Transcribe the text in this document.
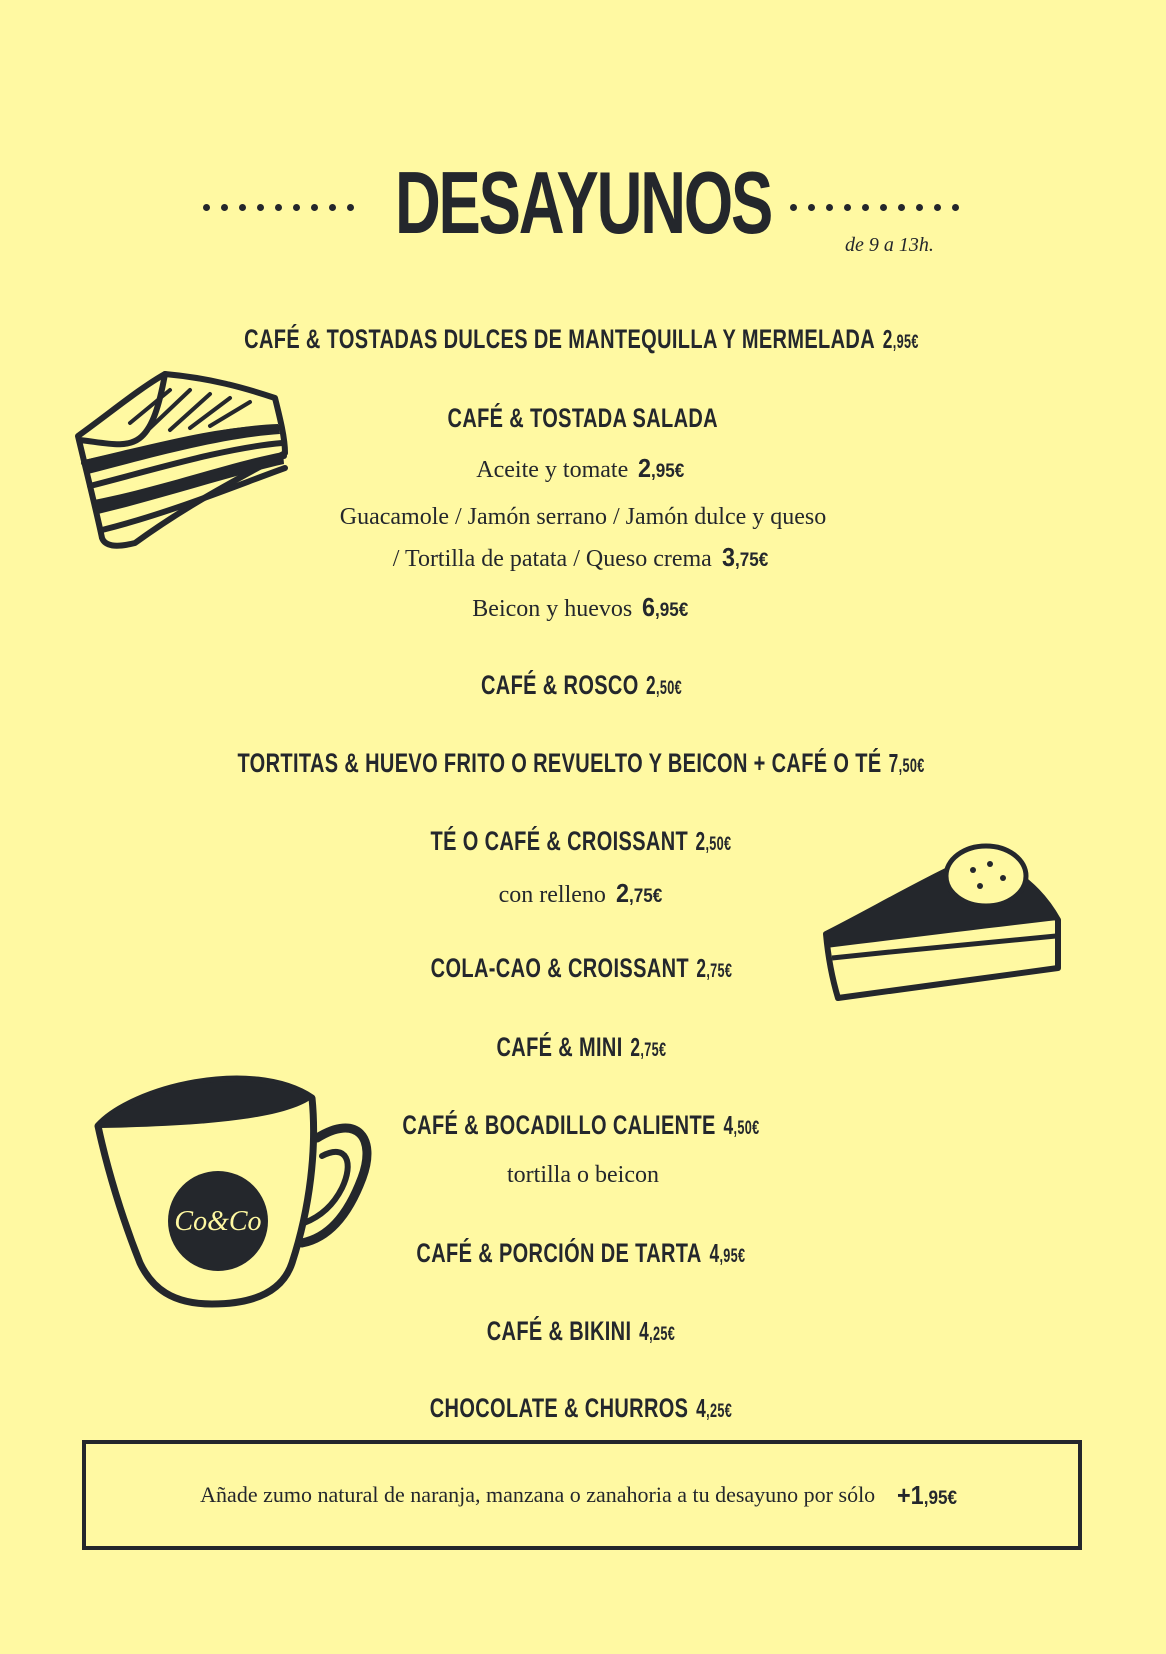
DESAYUNOS	de 9 a 13h.
Co&Co
CAFÉ & TOSTADAS DULCES DE MANTEQUILLA Y MERMELADA 2,95€
CAFÉ & TOSTADA SALADA
Aceite y tomate 2,95€
Guacamole / Jamón serrano / Jamón dulce y queso
/ Tortilla de patata / Queso crema 3,75€
Beicon y huevos 6,95€
CAFÉ & ROSCO 2,50€
TORTITAS & HUEVO FRITO O REVUELTO Y BEICON + CAFÉ O TÉ 7,50€
TÉ O CAFÉ & CROISSANT 2,50€
con relleno 2,75€
COLA-CAO & CROISSANT 2,75€
CAFÉ & MINI 2,75€
CAFÉ & BOCADILLO CALIENTE 4,50€
tortilla o beicon
CAFÉ & PORCIÓN DE TARTA 4,95€
CAFÉ & BIKINI 4,25€
CHOCOLATE & CHURROS 4,25€
Añade zumo natural de naranja, manzana o zanahoria a tu desayuno por sólo +1,95€
